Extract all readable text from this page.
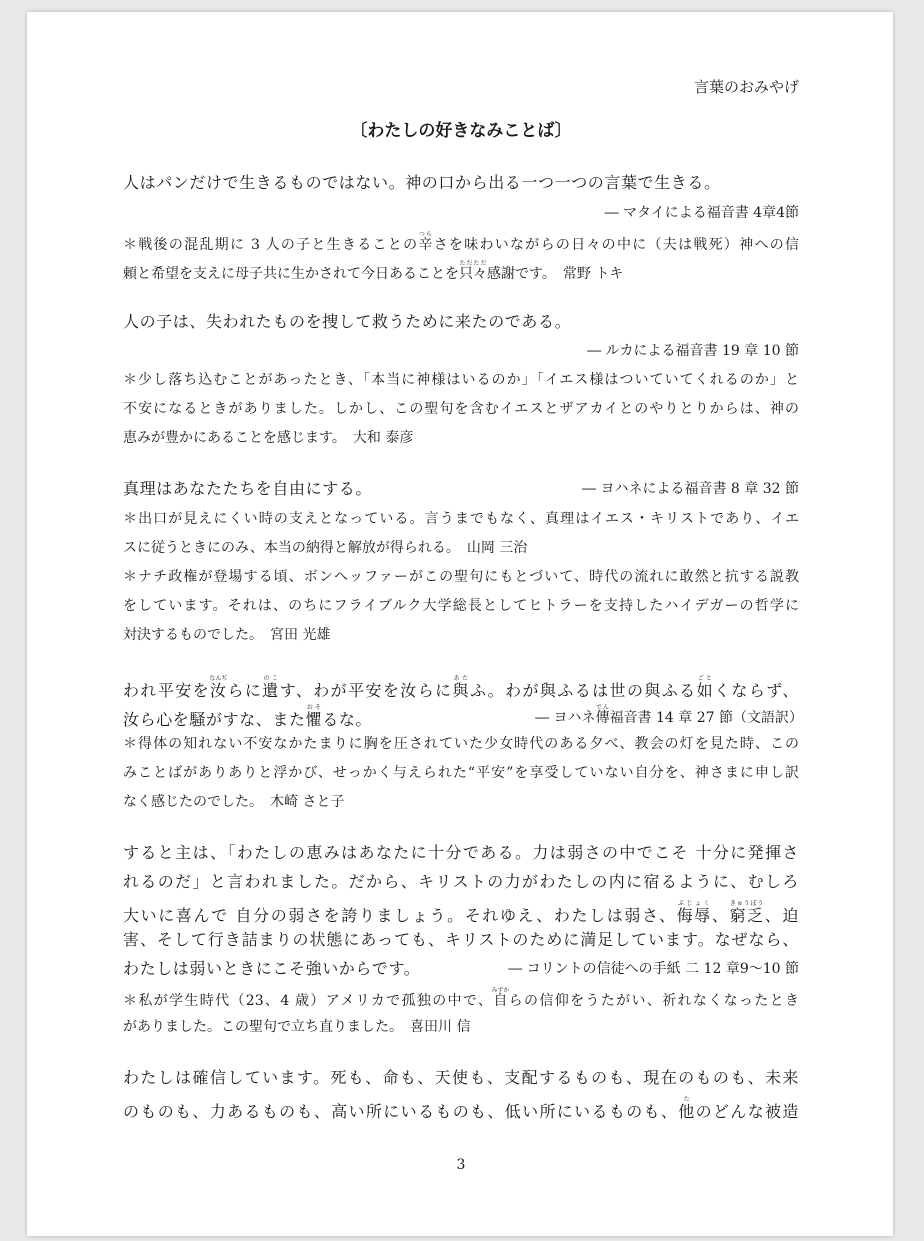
言葉のおみやげ
〔わたしの好きなみことば〕
人はパンだけで生きるものではない。神の口から出る一つ一つの言葉で生きる。
― マタイによる福音書 4章4節
＊戦後の混乱期に 3 人の子と生きることの辛つらさを味わいながらの日々の中に（夫は戦死）神への信
頼と希望を支えに母子共に生かされて今日あることを只々ただただ感謝です。　常野 トキ
人の子は、失われたものを捜して救うために来たのである。
― ルカによる福音書 19 章 10 節
＊少し落ち込むことがあったとき、「本当に神様はいるのか」「イエス様はついていてくれるのか」と
不安になるときがありました。しかし、この聖句を含むイエスとザアカイとのやりとりからは、神の
恵みが豊かにあることを感じます。　大和 泰彦
真理はあなたたちを自由にする。	― ヨハネによる福音書 8 章 32 節
＊出口が見えにくい時の支えとなっている。言うまでもなく、真理はイエス・キリストであり、イエ
スに従うときにのみ、本当の納得と解放が得られる。　山岡 三治
＊ナチ政権が登場する頃、ボンヘッファーがこの聖句にもとづいて、時代の流れに敢然と抗する説教
をしています。それは、のちにフライブルク大学総長としてヒトラーを支持したハイデガーの哲学に
対決するものでした。　宮田 光雄
われ平安を汝なんぢらに遺のこす、わが平安を汝らに與あたふ。わが與ふるは世の與ふる如ごとくならず、
汝ら心を騒がすな、また懼おそるな。	― ヨハネ傳でん福音書 14 章 27 節（文語訳）
＊得体の知れない不安なかたまりに胸を圧されていた少女時代のある夕べ、教会の灯を見た時、この
みことばがありありと浮かび、せっかく与えられた“平安”を享受していない自分を、神さまに申し訳
なく感じたのでした。　木崎 さと子
すると主は、「わたしの恵みはあなたに十分である。力は弱さの中でこそ 十分に発揮さ
れるのだ」と言われました。だから、キリストの力がわたしの内に宿るように、むしろ
大いに喜んで 自分の弱さを誇りましょう。それゆえ、わたしは弱さ、侮辱ぶじょく、窮乏きゅうぼう、迫
害、そして行き詰まりの状態にあっても、キリストのために満足しています。なぜなら、
わたしは弱いときにこそ強いからです。	― コリントの信徒への手紙 二 12 章9～10 節
＊私が学生時代（23、4 歳）アメリカで孤独の中で、自みずからの信仰をうたがい、祈れなくなったとき
がありました。この聖句で立ち直りました。　喜田川 信
わたしは確信しています。死も、命も、天使も、支配するものも、現在のものも、未来
のものも、力あるものも、高い所にいるものも、低い所にいるものも、他たのどんな被造
3
